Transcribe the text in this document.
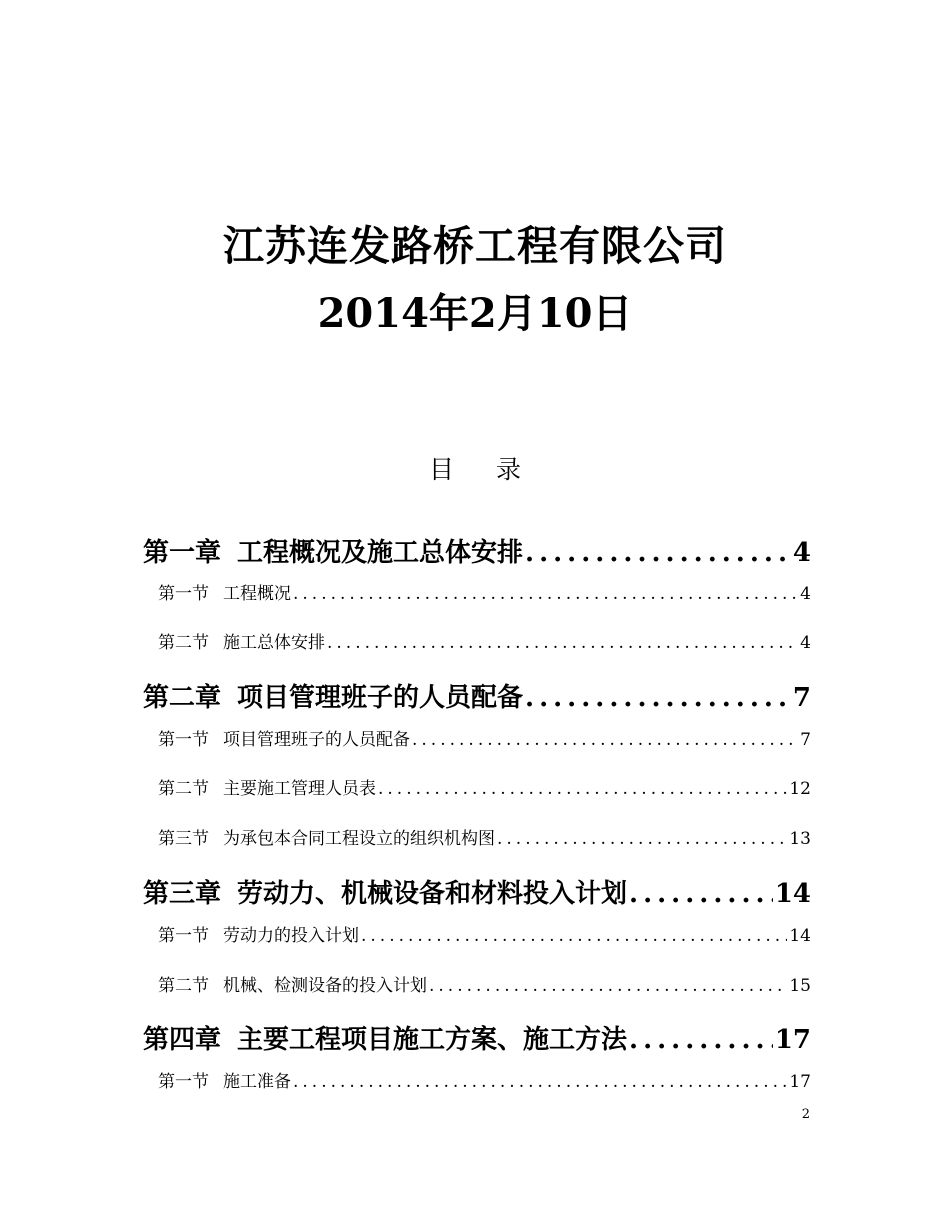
江苏连发路桥工程有限公司
2014年2月10日
目录
第一章 工程概况及施工总体安排 .....	4
第一节 工程概况 .....	4
第二节 施工总体安排 .....	4
第二章 项目管理班子的人员配备 .....	7
第一节 项目管理班子的人员配备 .....	7
第二节 主要施工管理人员表 .....	12
第三节 为承包本合同工程设立的组织机构图 .....	13
第三章 劳动力、机械设备和材料投入计划 .....	14
第一节 劳动力的投入计划 .....	14
第二节 机械、检测设备的投入计划 .....	15
第四章 主要工程项目施工方案、施工方法 .....	17
第一节 施工准备 .....	17
2
